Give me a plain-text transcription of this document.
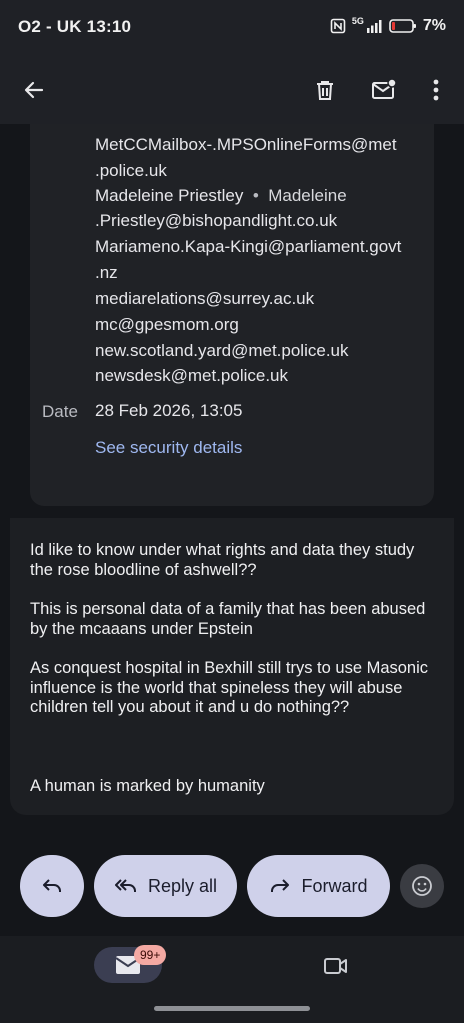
O2 - UK 13:10	5G	7%
MetCCMailbox-.MPSOnlineForms@met
.police.uk
Madeleine Priestley  •  Madeleine
.Priestley@bishopandlight.co.uk
Mariameno.Kapa-Kingi@parliament.govt
.nz
mediarelations@surrey.ac.uk
mc@gpesmom.org
new.scotland.yard@met.police.uk
newsdesk@met.police.uk
Date 28 Feb 2026, 13:05
See security details
Id like to know under what rights and data they study the rose bloodline of ashwell??
This is personal data of a family that has been abused by the mcaaans under Epstein
As conquest hospital in Bexhill still trys to use Masonic influence is the world that spineless they will abuse children tell you about it and u do nothing??
A human is marked by humanity
Reply all	Forward
99+
